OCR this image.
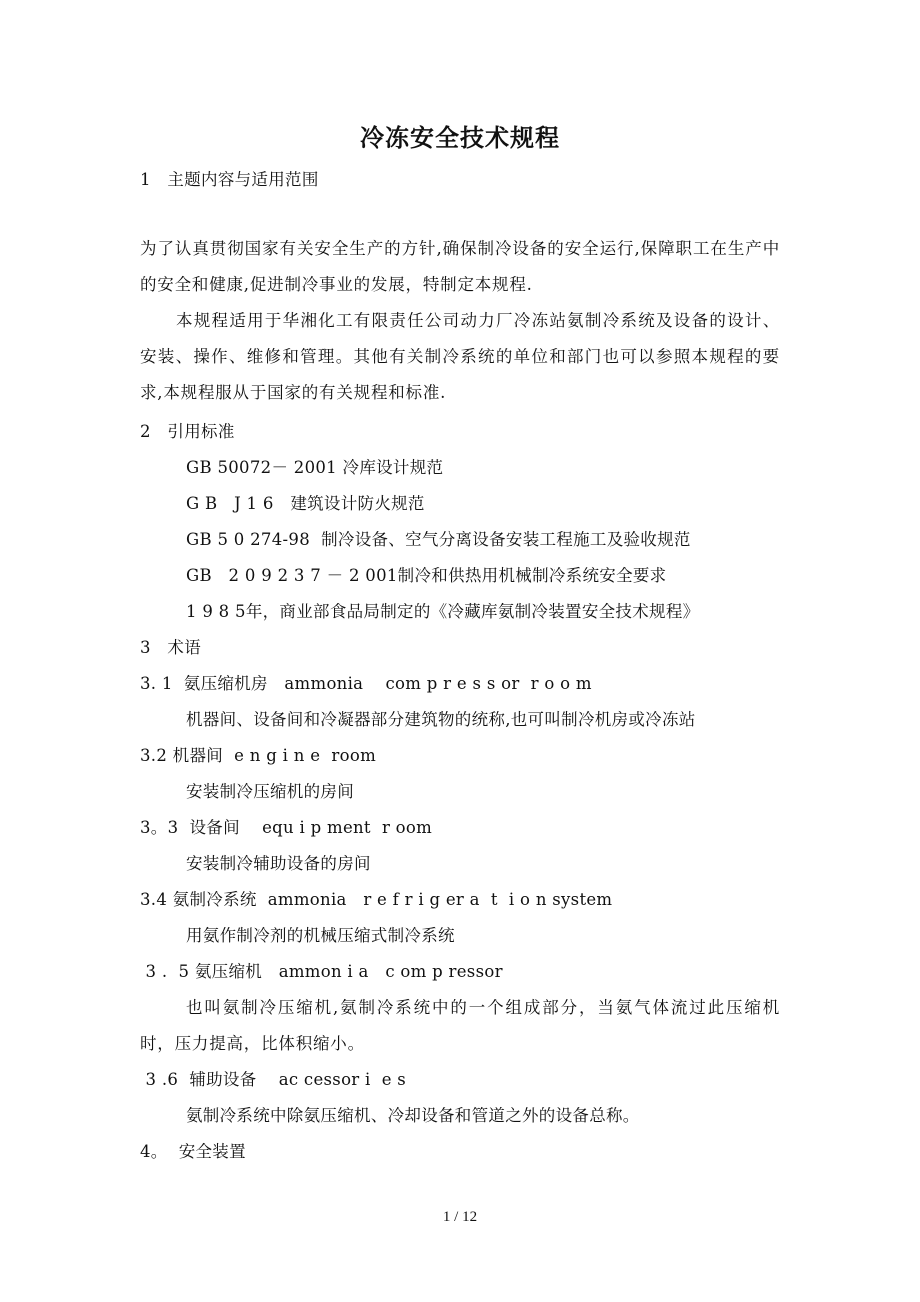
冷冻安全技术规程
1   主题内容与适用范围
为了认真贯彻国家有关安全生产的方针,确保制冷设备的安全运行,保障职工在生产中的安全和健康,促进制冷事业的发展，特制定本规程.
本规程适用于华湘化工有限责任公司动力厂冷冻站氨制冷系统及设备的设计、安装、操作、维修和管理。其他有关制冷系统的单位和部门也可以参照本规程的要求,本规程服从于国家的有关规程和标准.
2   引用标准
GB 50072－ 2001 冷库设计规范
G B   J 1 6   建筑设计防火规范
GB 5 0 274-98  制冷设备、空气分离设备安装工程施工及验收规范
GB   2 0 9 2 3 7 － 2 001制冷和供热用机械制冷系统安全要求
1 9 8 5年，商业部食品局制定的《冷藏库氨制冷装置安全技术规程》
3   术语
3. 1  氨压缩机房   ammonia    com p r e s s or  r o o m
机器间、设备间和冷凝器部分建筑物的统称,也可叫制冷机房或冷冻站
3.2 机器间  e n g i n e  room
安装制冷压缩机的房间
3。3  设备间    equ i p ment  r oom
安装制冷辅助设备的房间
3.4 氨制冷系统  ammonia   r e f r i g er a  t  i o n system
用氨作制冷剂的机械压缩式制冷系统
3 .  5 氨压缩机   ammon i a   c om p ressor
也叫氨制冷压缩机,氨制冷系统中的一个组成部分，当氨气体流过此压缩机时，压力提高，比体积缩小。
3 .6  辅助设备    ac cessor i  e s
氨制冷系统中除氨压缩机、冷却设备和管道之外的设备总称。
4。  安全装置
1 / 12
